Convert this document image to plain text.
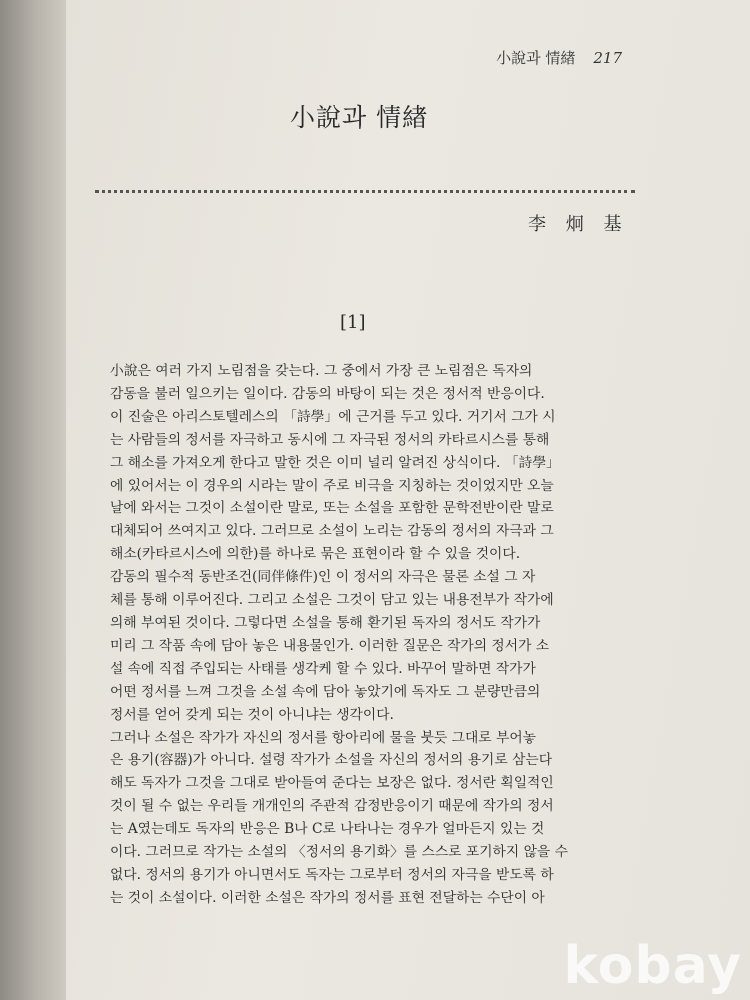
小說과 情緖 217
小說과 情緖
李 炯 基
[1]
小說은 여러 가지 노림점을 갖는다. 그 중에서 가장 큰 노림점은 독자의
감동을 불러 일으키는 일이다. 감동의 바탕이 되는 것은 정서적 반응이다.
이 진술은 아리스토텔레스의 「詩學」에 근거를 두고 있다. 거기서 그가 시
는 사람들의 정서를 자극하고 동시에 그 자극된 정서의 카타르시스를 통해
그 해소를 가져오게 한다고 말한 것은 이미 널리 알려진 상식이다. 「詩學」
에 있어서는 이 경우의 시라는 말이 주로 비극을 지칭하는 것이었지만 오늘
날에 와서는 그것이 소설이란 말로, 또는 소설을 포함한 문학전반이란 말로
대체되어 쓰여지고 있다. 그러므로 소설이 노리는 감동의 정서의 자극과 그
해소(카타르시스에 의한)를 하나로 묶은 표현이라 할 수 있을 것이다.
감동의 필수적 동반조건(同伴條件)인 이 정서의 자극은 물론 소설 그 자
체를 통해 이루어진다. 그리고 소설은 그것이 담고 있는 내용전부가 작가에
의해 부여된 것이다. 그렇다면 소설을 통해 환기된 독자의 정서도 작가가
미리 그 작품 속에 담아 놓은 내용물인가. 이러한 질문은 작가의 정서가 소
설 속에 직접 주입되는 사태를 생각케 할 수 있다. 바꾸어 말하면 작가가
어떤 정서를 느껴 그것을 소설 속에 담아 놓았기에 독자도 그 분량만큼의
정서를 얻어 갖게 되는 것이 아니냐는 생각이다.
그러나 소설은 작가가 자신의 정서를 항아리에 물을 붓듯 그대로 부어놓
은 용기(容器)가 아니다. 설령 작가가 소설을 자신의 정서의 용기로 삼는다
해도 독자가 그것을 그대로 받아들여 준다는 보장은 없다. 정서란 획일적인
것이 될 수 없는 우리들 개개인의 주관적 감정반응이기 때문에 작가의 정서
는 A였는데도 독자의 반응은 B나 C로 나타나는 경우가 얼마든지 있는 것
이다. 그러므로 작가는 소설의 〈정서의 용기화〉를 스스로 포기하지 않을 수
없다. 정서의 용기가 아니면서도 독자는 그로부터 정서의 자극을 받도록 하
는 것이 소설이다. 이러한 소설은 작가의 정서를 표현 전달하는 수단이 아
kobay
